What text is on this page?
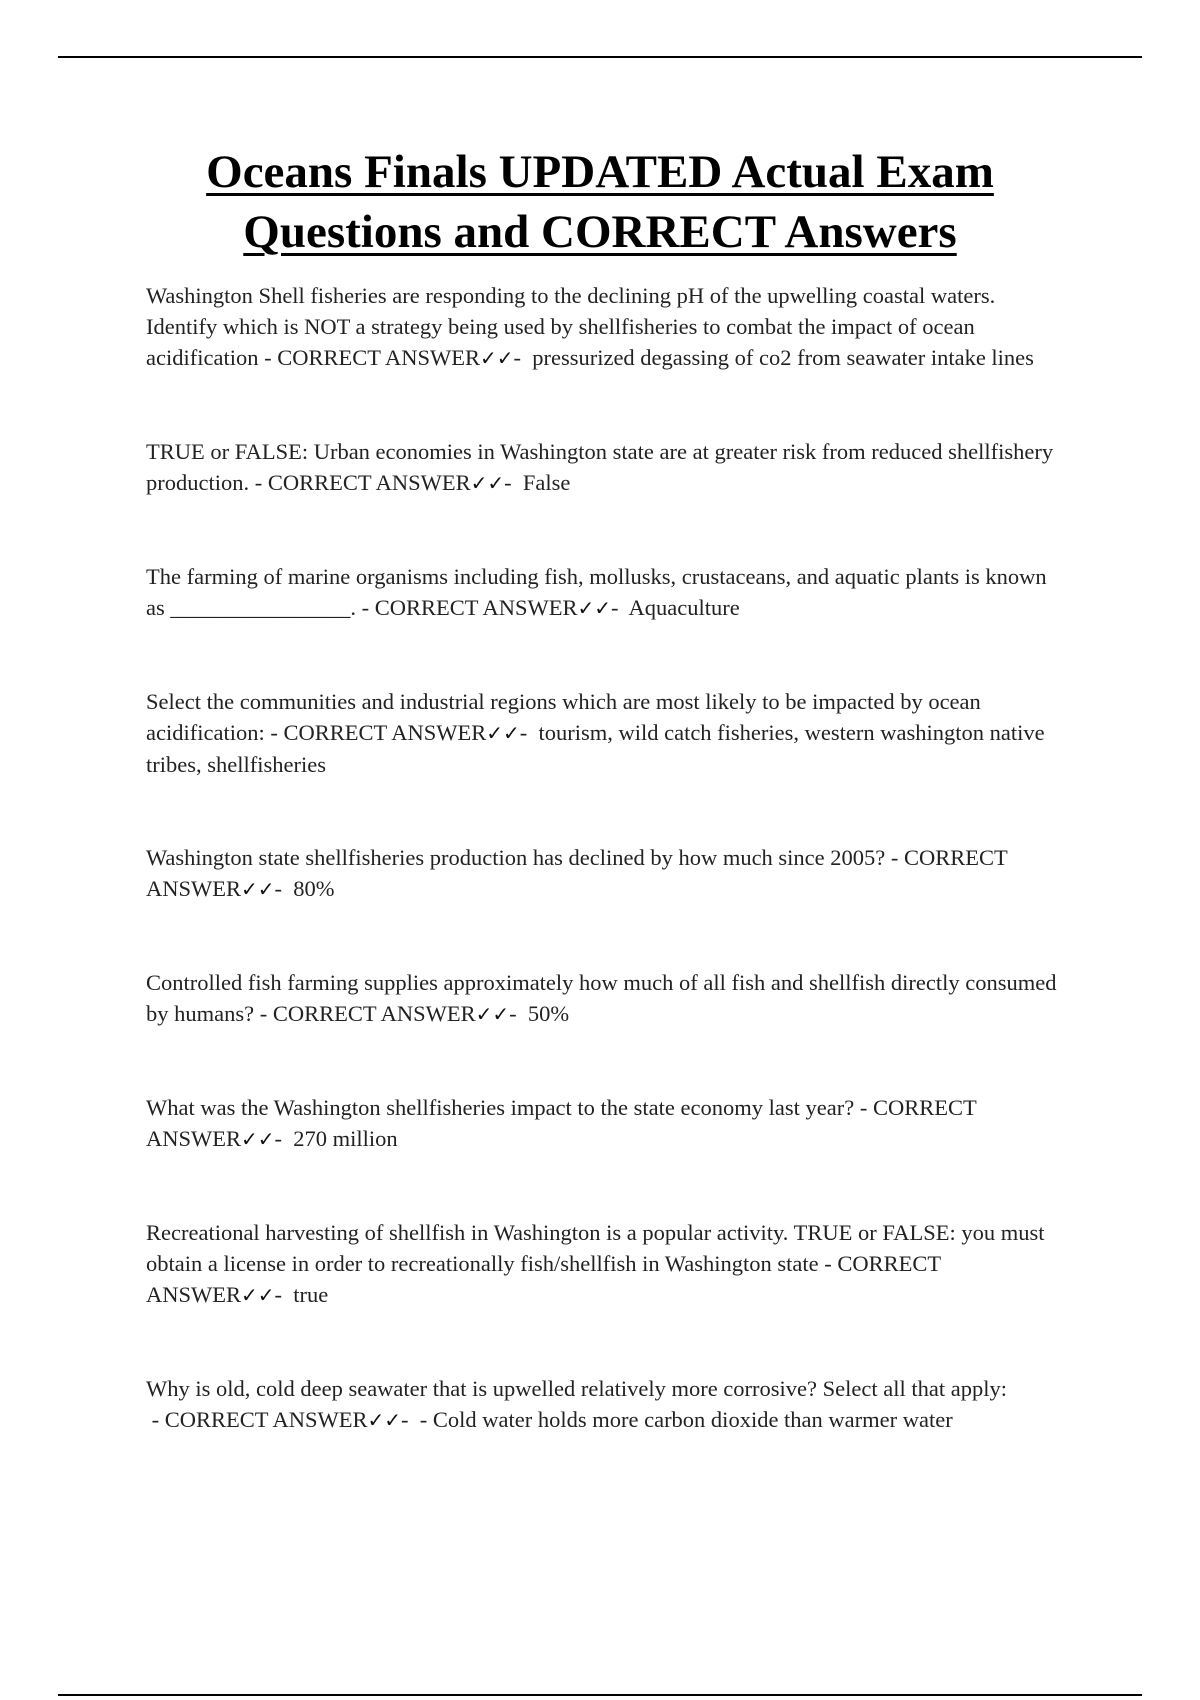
Oceans Finals UPDATED Actual Exam
Questions and CORRECT Answers
Washington Shell fisheries are responding to the declining pH of the upwelling coastal waters. Identify which is NOT a strategy being used by shellfisheries to combat the impact of ocean acidification - CORRECT ANSWER✓✓- pressurized degassing of co2 from seawater intake lines
TRUE or FALSE: Urban economies in Washington state are at greater risk from reduced shellfishery production. - CORRECT ANSWER✓✓- False
The farming of marine organisms including fish, mollusks, crustaceans, and aquatic plants is known as ________________. - CORRECT ANSWER✓✓- Aquaculture
Select the communities and industrial regions which are most likely to be impacted by ocean acidification: - CORRECT ANSWER✓✓- tourism, wild catch fisheries, western washington native tribes, shellfisheries
Washington state shellfisheries production has declined by how much since 2005? - CORRECT ANSWER✓✓- 80%
Controlled fish farming supplies approximately how much of all fish and shellfish directly consumed by humans? - CORRECT ANSWER✓✓- 50%
What was the Washington shellfisheries impact to the state economy last year? - CORRECT ANSWER✓✓- 270 million
Recreational harvesting of shellfish in Washington is a popular activity. TRUE or FALSE: you must obtain a license in order to recreationally fish/shellfish in Washington state - CORRECT ANSWER✓✓- true
Why is old, cold deep seawater that is upwelled relatively more corrosive? Select all that apply: - CORRECT ANSWER✓✓- - Cold water holds more carbon dioxide than warmer water
